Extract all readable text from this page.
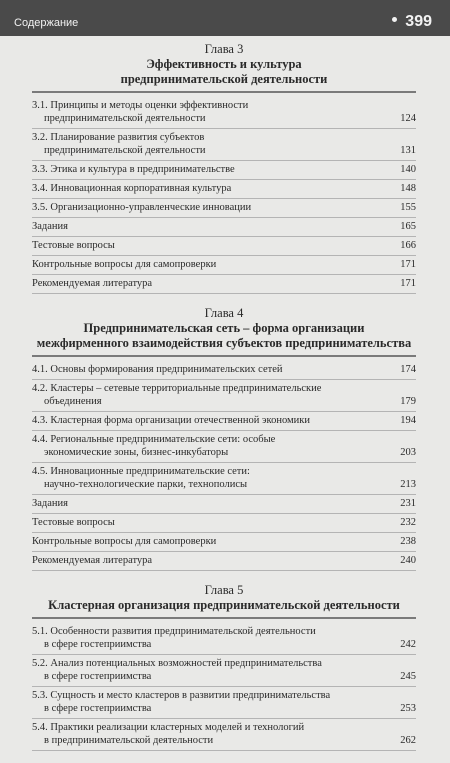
Содержание	399
Глава 3
Эффективность и культура
предпринимательской деятельности
3.1. Принципы и методы оценки эффективности
предпринимательской деятельности	124
3.2. Планирование развития субъектов
предпринимательской деятельности	131
3.3. Этика и культура в предпринимательстве	140
3.4. Инновационная корпоративная культура	148
3.5. Организационно-управленческие инновации	155
Задания	165
Тестовые вопросы	166
Контрольные вопросы для самопроверки	171
Рекомендуемая литература	171
Глава 4
Предпринимательская сеть – форма организации
межфирменного взаимодействия субъектов предпринимательства
4.1. Основы формирования предпринимательских сетей	174
4.2. Кластеры – сетевые территориальные предпринимательские
объединения	179
4.3. Кластерная форма организации отечественной экономики	194
4.4. Региональные предпринимательские сети: особые
экономические зоны, бизнес-инкубаторы	203
4.5. Инновационные предпринимательские сети:
научно-технологические парки, технополисы	213
Задания	231
Тестовые вопросы	232
Контрольные вопросы для самопроверки	238
Рекомендуемая литература	240
Глава 5
Кластерная организация предпринимательской деятельности
5.1. Особенности развития предпринимательской деятельности
в сфере гостеприимства	242
5.2. Анализ потенциальных возможностей предпринимательства
в сфере гостеприимства	245
5.3. Сущность и место кластеров в развитии предпринимательства
в сфере гостеприимства	253
5.4. Практики реализации кластерных моделей и технологий
в предпринимательской деятельности	262
